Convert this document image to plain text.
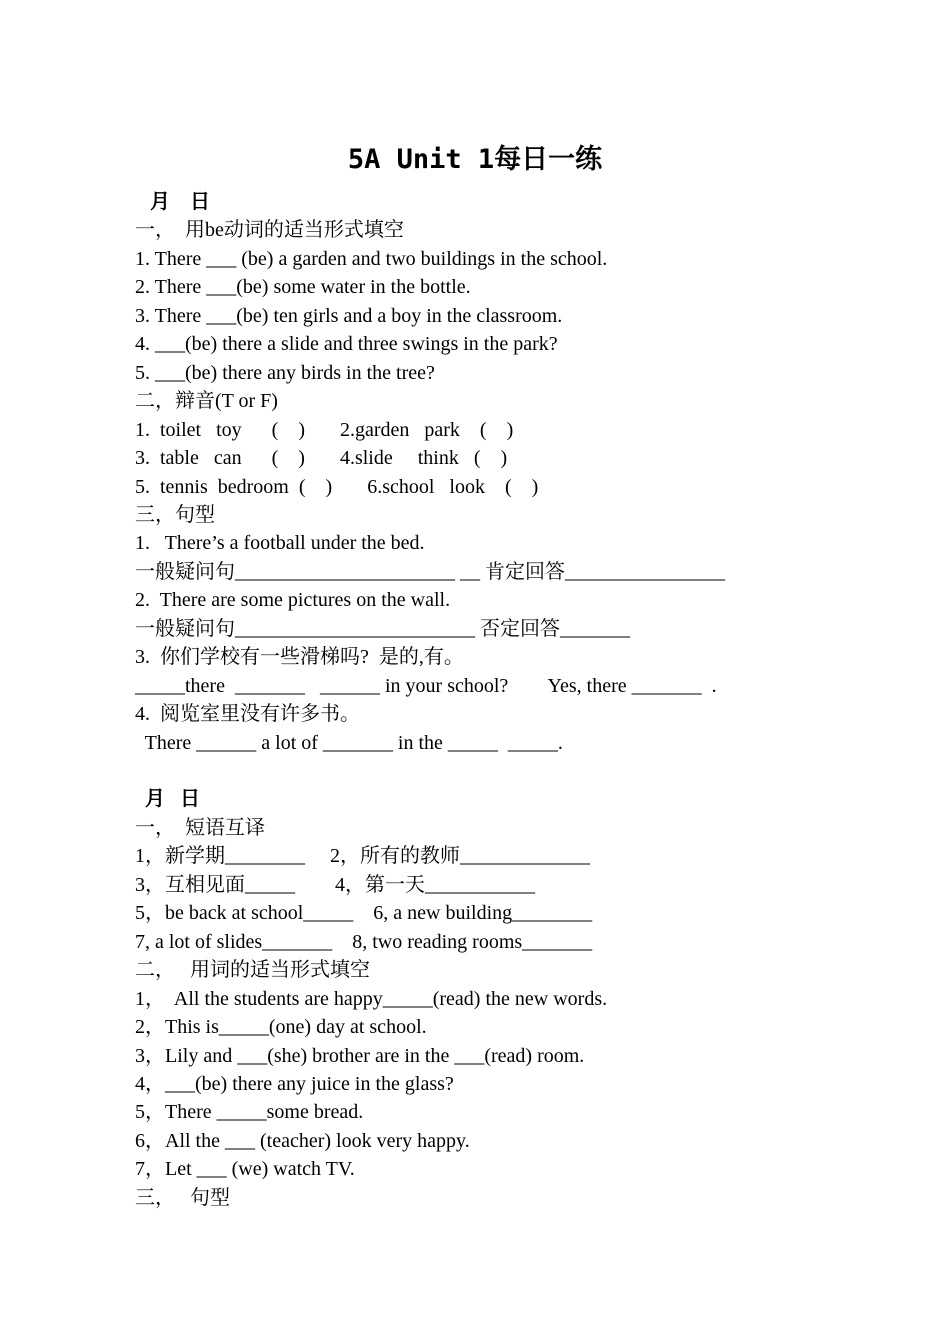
5A Unit 1每日一练
月    日
一，  用be动词的适当形式填空
1. There ___ (be) a garden and two buildings in the school.
2. There ___(be) some water in the bottle.
3. There ___(be) ten girls and a boy in the classroom.
4. ___(be) there a slide and three swings in the park?
5. ___(be) there any birds in the tree?
二，辩音(T or F)
1.  toilet   toy      (    )       2.garden   park    (    )
3.  table   can      (    )       4.slide     think   (    )
5.  tennis  bedroom  (    )       6.school   look    (    )
三，句型
1.   There’s a football under the bed.
一般疑问句______________________ __ 肯定回答________________
2.  There are some pictures on the wall.
一般疑问句________________________ 否定回答_______
3.  你们学校有一些滑梯吗?  是的,有。
_____there  _______   ______ in your school?        Yes, there _______  .
4.  阅览室里没有许多书。
There ______ a lot of _______ in the _____  _____.
月   日
一，  短语互译
1，新学期________     2，所有的教师_____________
3，互相见面_____        4，第一天___________
5，be back at school_____    6, a new building________
7, a lot of slides_______    8, two reading rooms_______
二，   用词的适当形式填空
1，  All the students are happy_____(read) the new words.
2，This is_____(one) day at school.
3，Lily and ___(she) brother are in the ___(read) room.
4，___(be) there any juice in the glass?
5，There _____some bread.
6，All the ___ (teacher) look very happy.
7，Let ___ (we) watch TV.
三，   句型
